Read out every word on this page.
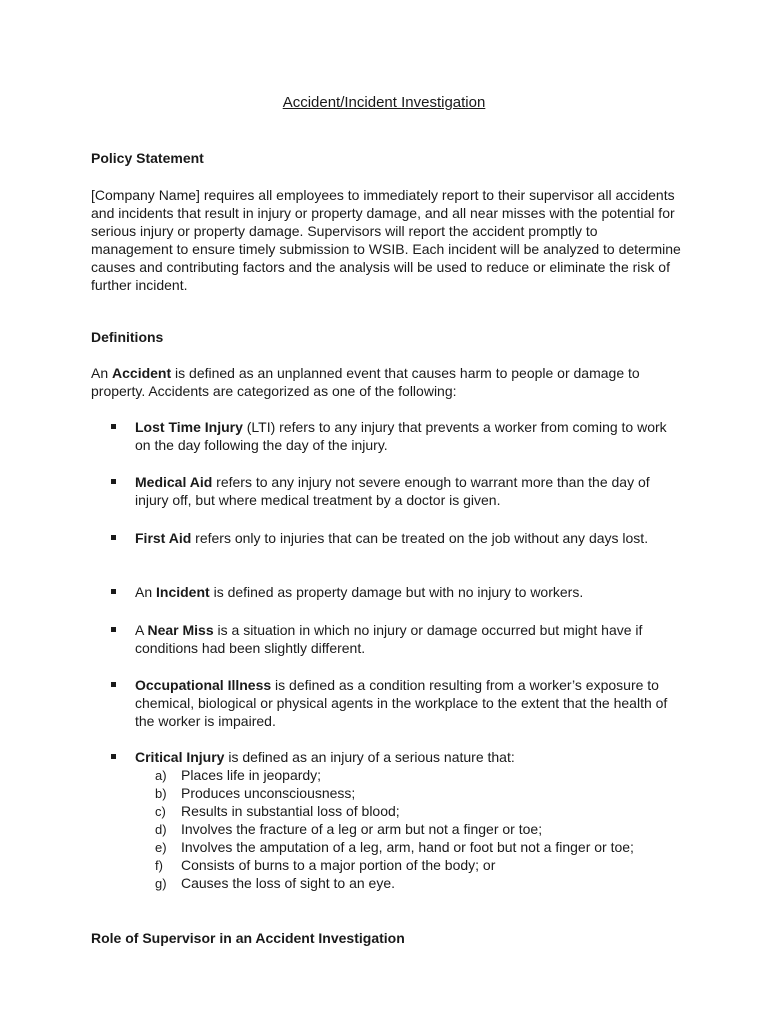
Accident/Incident Investigation
Policy Statement

[Company Name] requires all employees to immediately report to their supervisor all accidents and incidents that result in injury or property damage, and all near misses with the potential for serious injury or property damage. Supervisors will report the accident promptly to management to ensure timely submission to WSIB. Each incident will be analyzed to determine causes and contributing factors and the analysis will be used to reduce or eliminate the risk of further incident.

Definitions

An Accident is defined as an unplanned event that causes harm to people or damage to property. Accidents are categorized as one of the following:

Lost Time Injury (LTI) refers to any injury that prevents a worker from coming to work on the day following the day of the injury.

Medical Aid refers to any injury not severe enough to warrant more than the day of injury off, but where medical treatment by a doctor is given.

First Aid refers only to injuries that can be treated on the job without any days lost.

An Incident is defined as property damage but with no injury to workers.

A Near Miss is a situation in which no injury or damage occurred but might have if conditions had been slightly different.

Occupational Illness is defined as a condition resulting from a worker’s exposure to chemical, biological or physical agents in the workplace to the extent that the health of the worker is impaired.

Critical Injury is defined as an injury of a serious nature that:

a) Places life in jeopardy;
b) Produces unconsciousness;
c) Results in substantial loss of blood;
d) Involves the fracture of a leg or arm but not a finger or toe;
e) Involves the amputation of a leg, arm, hand or foot but not a finger or toe;
f) Consists of burns to a major portion of the body; or
g) Causes the loss of sight to an eye.
Role of Supervisor in an Accident Investigation
